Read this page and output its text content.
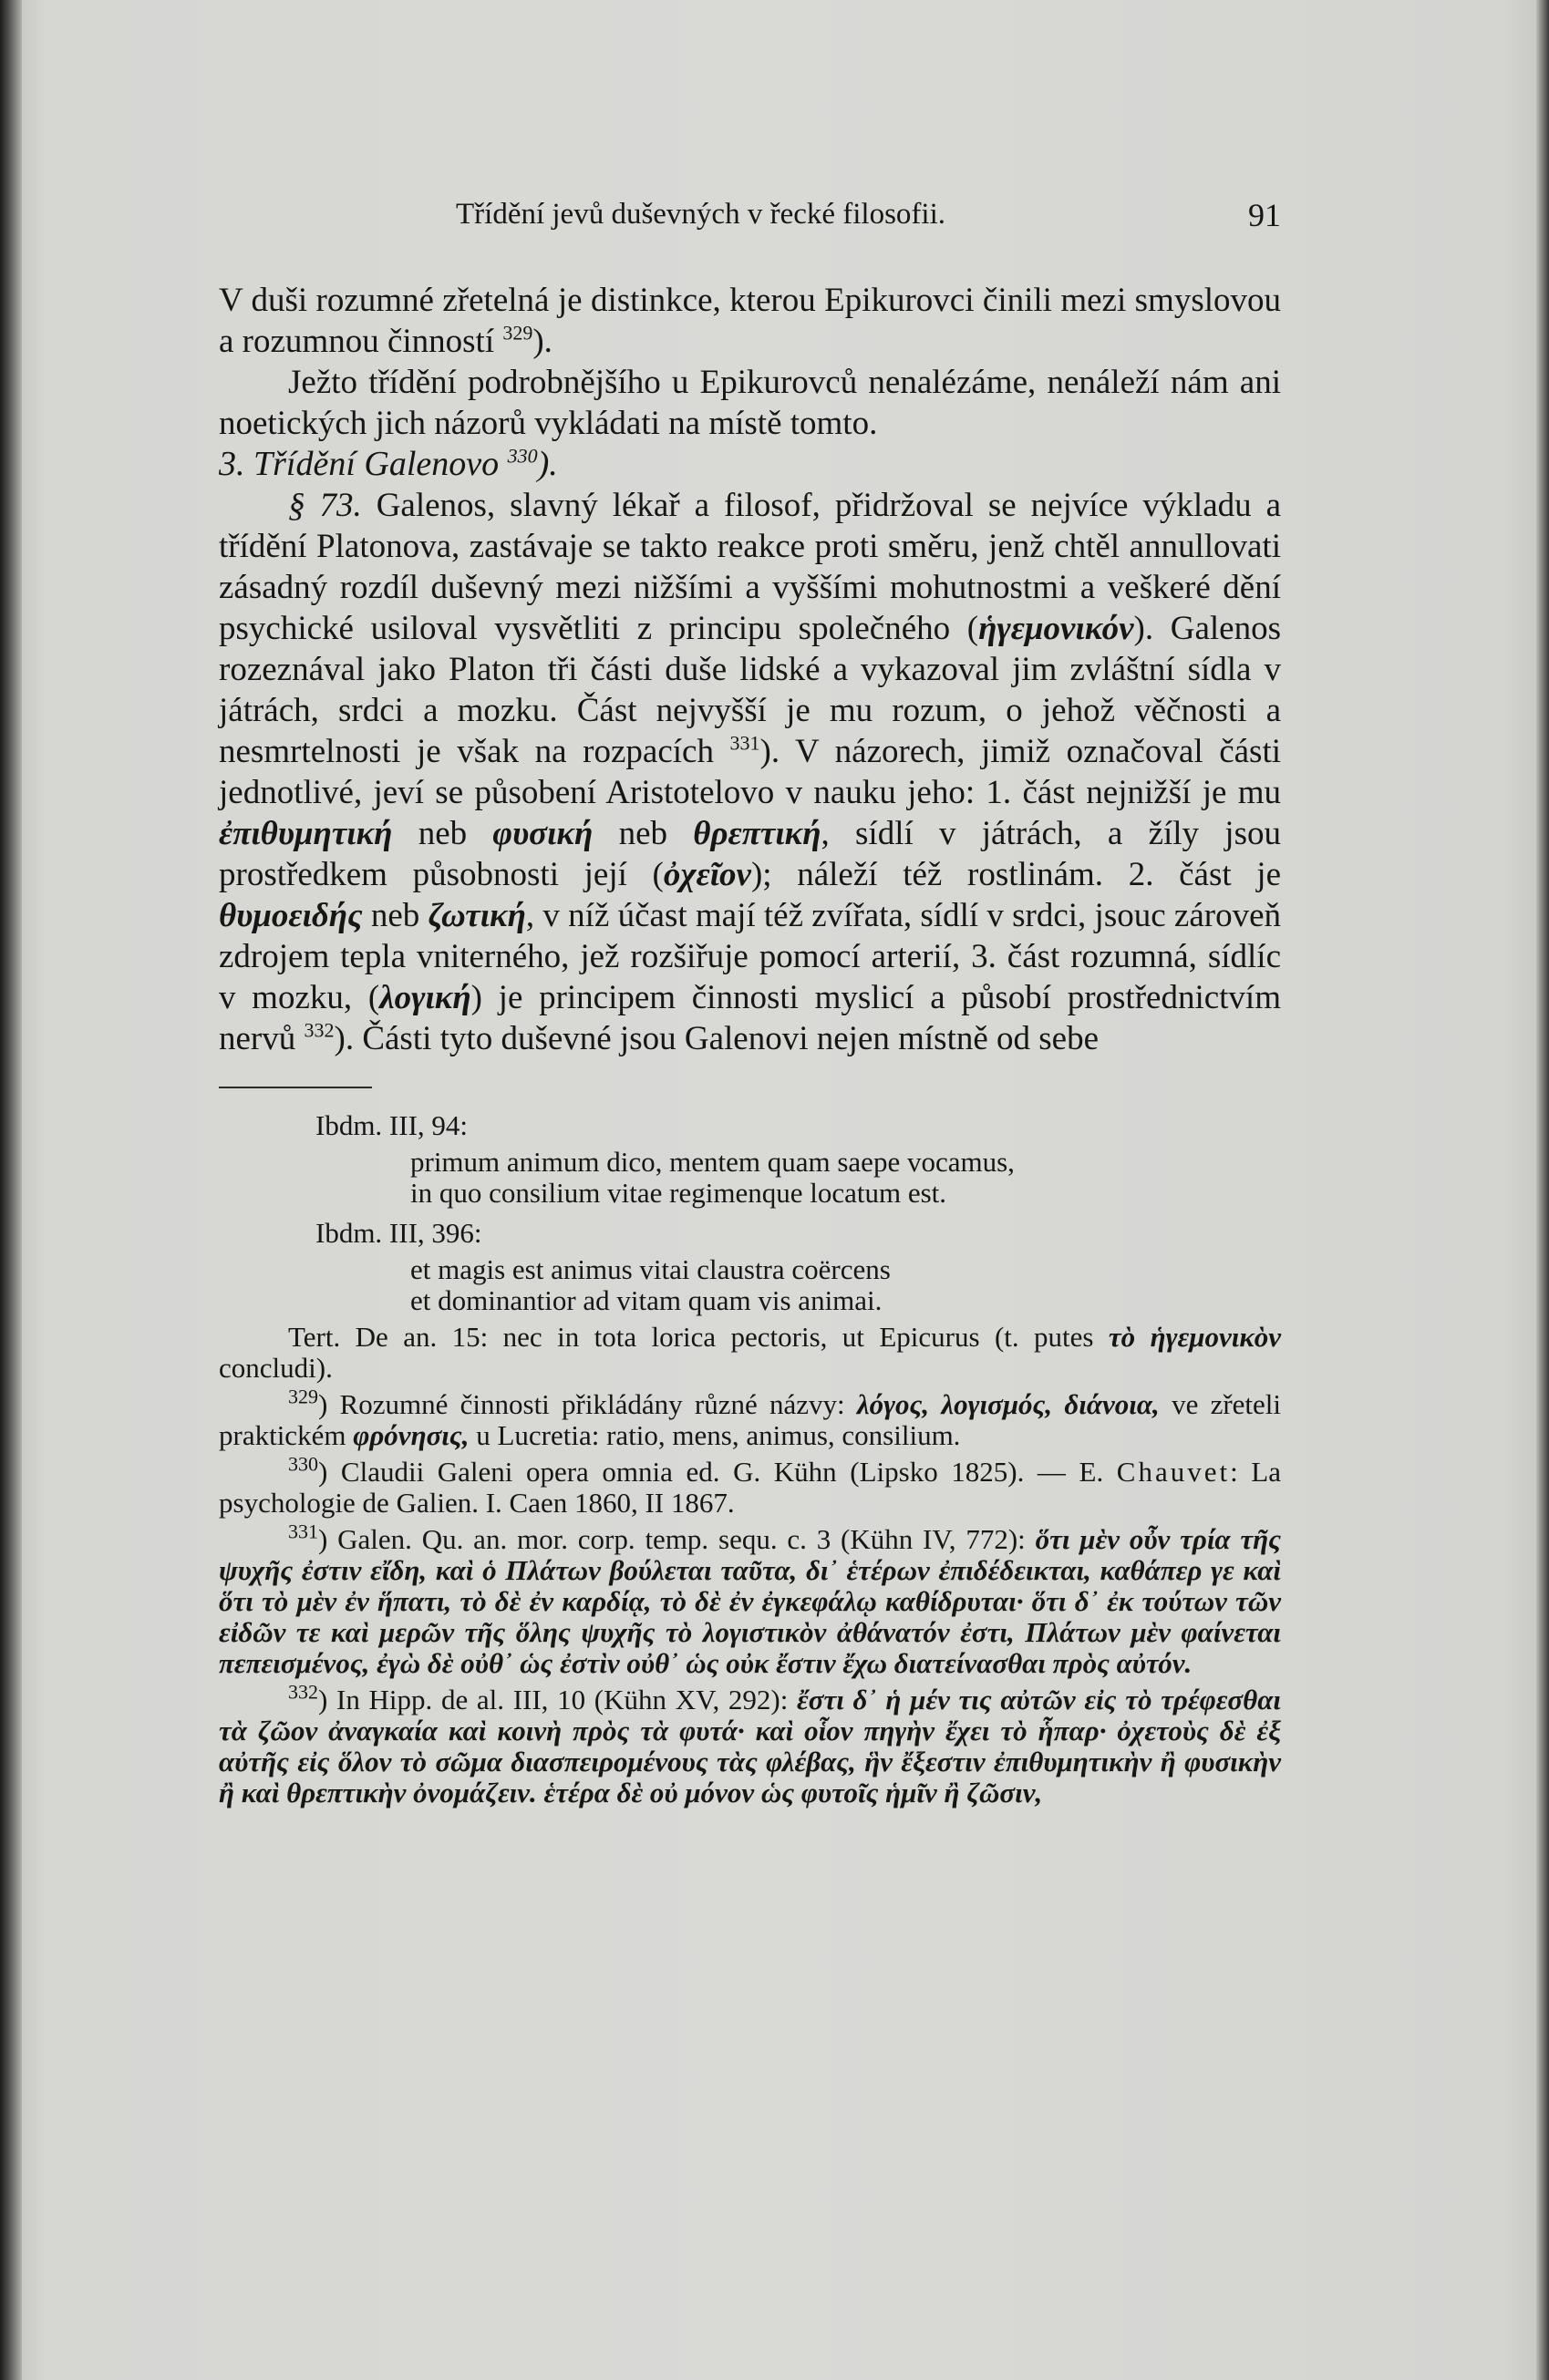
Třídění jevů duševných v řecké filosofii.	91

V duši rozumné zřetelná je distinkce, kterou Epikurovci činili mezi smyslovou a rozumnou činností $^{329}$).

Ježto třídění podrobnějšího u Epikurovců nenalézáme, nenáleží nám ani noetických jich názorů vykládati na místě tomto.

3. Třídění Galenovo $^{330}$).

§ 73. Galenos, slavný lékař a filosof, přidržoval se nejvíce výkladu a třídění Platonova, zastávaje se takto reakce proti směru, jenž chtěl annullovati zásadný rozdíl duševný mezi nižšími a vyššími mohutnostmi a veškeré dění psychické usiloval vysvětliti z principu společného (ἡγεμονικόν). Galenos rozeznával jako Platon tři části duše lidské a vykazoval jim zvláštní sídla v játrách, srdci a mozku. Část nejvyšší je mu rozum, o jehož věčnosti a nesmrtelnosti je však na rozpacích $^{331}$). V názorech, jimiž označoval části jednotlivé, jeví se působení Aristotelovo v nauku jeho: 1. část nejnižší je mu ἐπιθυμητική neb φυσική neb θρεπτική, sídlí v játrách, a žíly jsou prostředkem působnosti její (ὀχεῖον); náleží též rostlinám. 2. část je θυμοειδής neb ζωτική, v níž účast mají též zvířata, sídlí v srdci, jsouc zároveň zdrojem tepla vniterného, jež rozšiřuje pomocí arterií, 3. část rozumná, sídlíc v mozku, (λογική) je principem činnosti myslicí a působí prostřednictvím nervů $^{332}$). Části tyto duševné jsou Galenovi nejen místně od sebe

Ibdm. III, 94:

primum animum dico, mentem quam saepe vocamus,

in quo consilium vitae regimenque locatum est.

Ibdm. III, 396:

et magis est animus vitai claustra coërcens

et dominantior ad vitam quam vis animai.

Tert. De an. 15: nec in tota lorica pectoris, ut Epicurus (t. putes τὸ ἡγεμονικὸν concludi).

$^{329}$) Rozumné činnosti přikládány různé názvy: λόγος, λογισμός, διάνοια, ve zřeteli praktickém φρόνησις, u Lucretia: ratio, mens, animus, consilium.

$^{330}$) Claudii Galeni opera omnia ed. G. Kühn (Lipsko 1825). — E. Chauvet: La psychologie de Galien. I. Caen 1860, II 1867.

$^{331}$) Galen. Qu. an. mor. corp. temp. sequ. c. 3 (Kühn IV, 772): ὅτι μὲν οὖν τρία τῆς ψυχῆς ἐστιν εἴδη, καὶ ὁ Πλάτων βούλεται ταῦτα, δι᾽ ἑτέρων ἐπιδέδεικται, καθάπερ γε καὶ ὅτι τὸ μὲν ἐν ἥπατι, τὸ δὲ ἐν καρδίᾳ, τὸ δὲ ἐν ἐγκεφάλῳ καθίδρυται· ὅτι δ᾽ ἐκ τούτων τῶν εἰδῶν τε καὶ μερῶν τῆς ὅλης ψυχῆς τὸ λογιστικὸν ἀθάνατόν ἐστι, Πλάτων μὲν φαίνεται πεπεισμένος, ἐγὼ δὲ οὐθ᾽ ὡς ἐστὶν οὐθ᾽ ὡς οὐκ ἔστιν ἔχω διατείνασθαι πρὸς αὐτόν.

$^{332}$) In Hipp. de al. III, 10 (Kühn XV, 292): ἔστι δ᾽ ἡ μέν τις αὐτῶν εἰς τὸ τρέφεσθαι τὰ ζῶον ἀναγκαία καὶ κοινὴ πρὸς τὰ φυτά· καὶ οἷον πηγὴν ἔχει τὸ ἧπαρ· ὀχετοὺς δὲ ἐξ αὐτῆς εἰς ὅλον τὸ σῶμα διασπειρομένους τὰς φλέβας, ἣν ἔξεστιν ἐπιθυμητικὴν ἢ φυσικὴν ἢ καὶ θρεπτικὴν ὀνομάζειν. ἑτέρα δὲ οὐ μόνον ὡς φυτοῖς ἡμῖν ἢ ζῶσιν,
